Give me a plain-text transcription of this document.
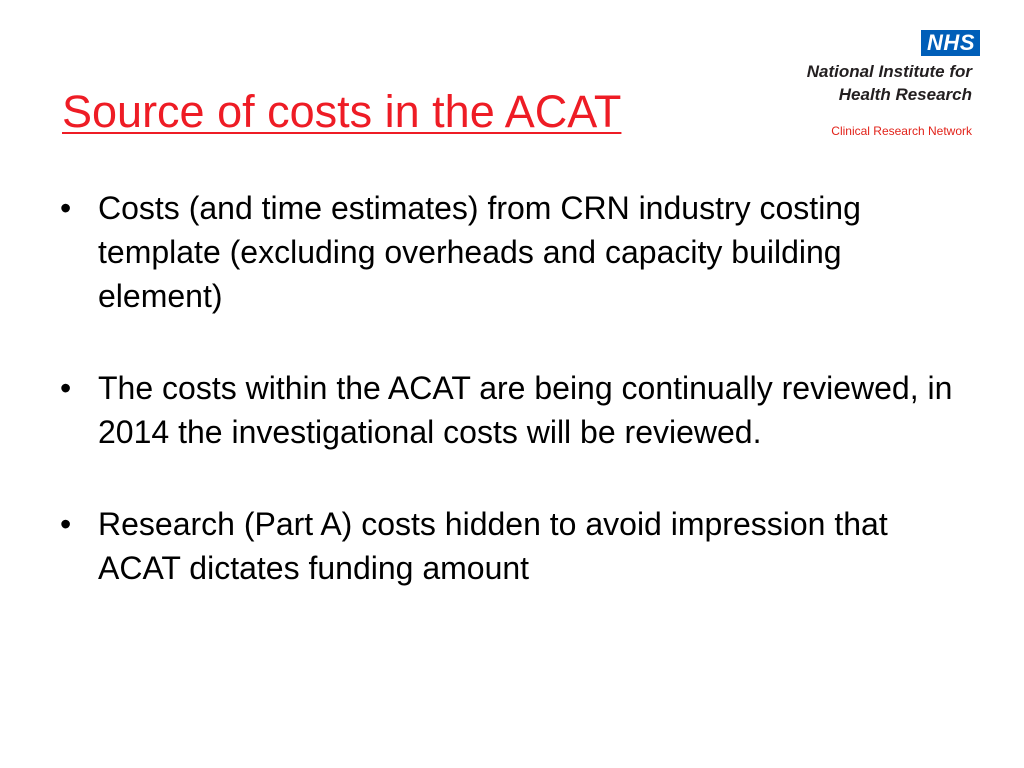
Source of costs in the ACAT
NHS
National Institute for
Health Research
Clinical Research Network
• Costs (and time estimates) from CRN industry costing template (excluding overheads and capacity building element)
• The costs within the ACAT are being continually reviewed, in 2014 the investigational costs will be reviewed.
• Research (Part A) costs hidden to avoid impression that ACAT dictates funding amount
